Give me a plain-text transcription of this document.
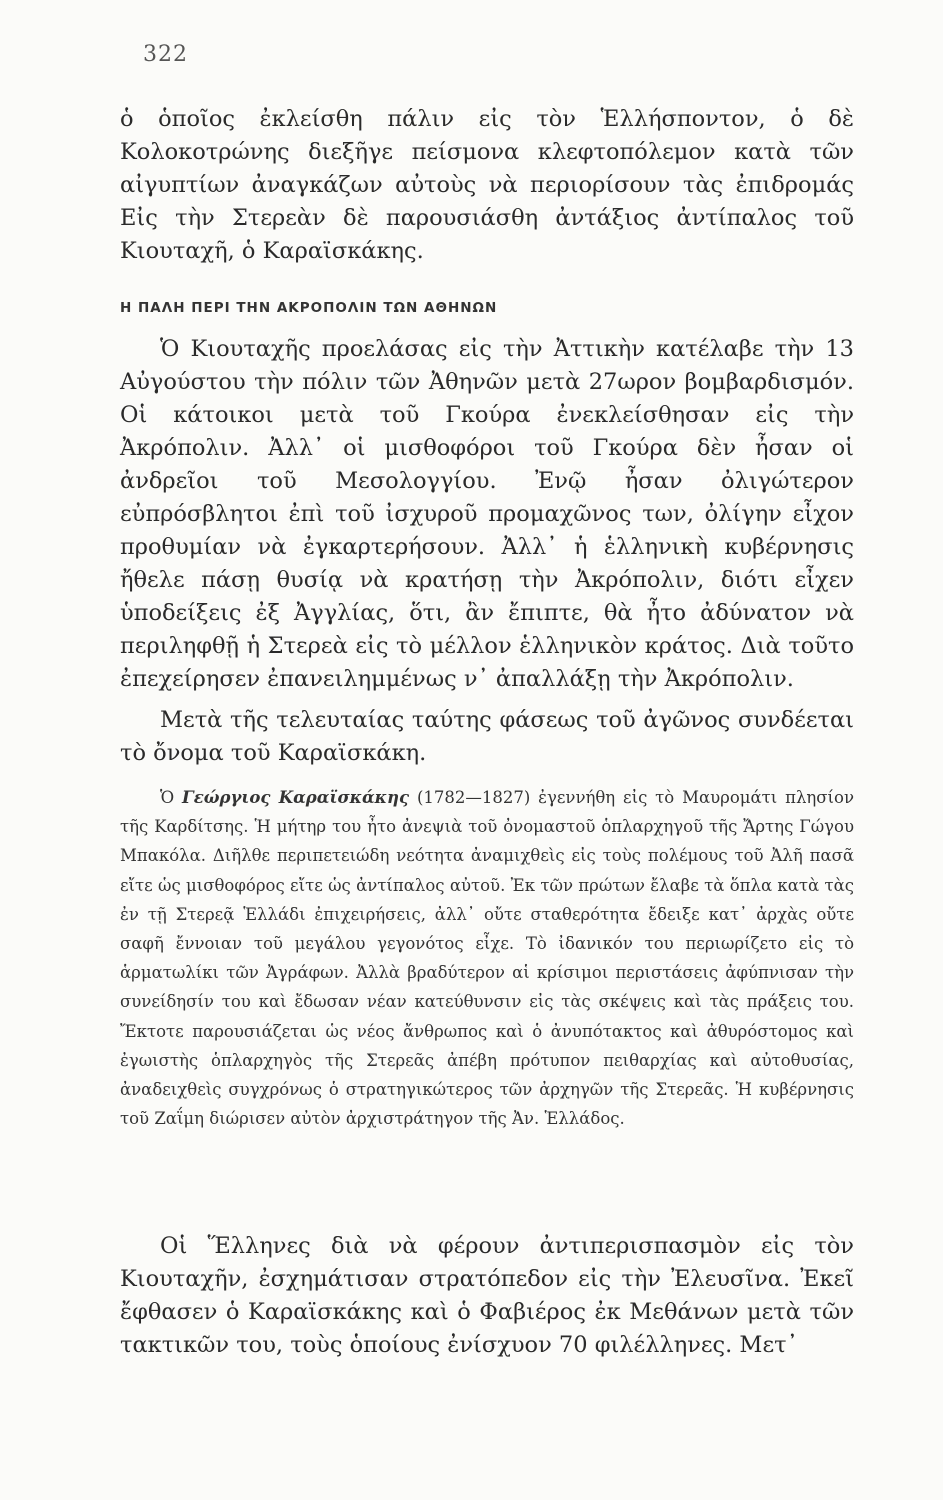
322

ὁ ὁποῖος ἐκλείσθη πάλιν εἰς τὸν Ἑλλήσποντον, ὁ δὲ Κολοκοτρώνης διεξῆγε πείσμονα κλεφτοπόλεμον κατὰ τῶν αἰγυπτίων ἀναγκάζων αὐτοὺς νὰ περιορίσουν τὰς ἐπιδρομάς Εἰς τὴν Στερεὰν δὲ παρουσιάσθη ἀντάξιος ἀντίπαλος τοῦ Κιουταχῆ, ὁ Καραϊσκάκης.

Η ΠΑΛΗ ΠΕΡΙ ΤΗΝ ΑΚΡΟΠΟΛΙΝ ΤΩΝ ΑΘΗΝΩΝ

Ὁ Κιουταχῆς προελάσας εἰς τὴν Ἀττικὴν κατέλαβε τὴν 13 Αὐγούστου τὴν πόλιν τῶν Ἀθηνῶν μετὰ 27ωρον βομβαρδισμόν. Οἱ κάτοικοι μετὰ τοῦ Γκούρα ἐνεκλείσθησαν εἰς τὴν Ἀκρόπολιν. Ἀλλ᾽ οἱ μισθοφόροι τοῦ Γκούρα δὲν ἦσαν οἱ ἀνδρεῖοι τοῦ Μεσολογγίου. Ἐνῷ ἦσαν ὀλιγώτερον εὐπρόσβλητοι ἐπὶ τοῦ ἰσχυροῦ προμαχῶνος των, ὀλίγην εἶχον προθυμίαν νὰ ἐγκαρτερήσουν. Ἀλλ᾽ ἡ ἑλληνικὴ κυβέρνησις ἤθελε πάσῃ θυσίᾳ νὰ κρατήσῃ τὴν Ἀκρόπολιν, διότι εἶχεν ὑποδείξεις ἐξ Ἀγγλίας, ὅτι, ἂν ἔπιπτε, θὰ ἦτο ἀδύνατον νὰ περιληφθῇ ἡ Στερεὰ εἰς τὸ μέλλον ἑλληνικὸν κράτος. Διὰ τοῦτο ἐπεχείρησεν ἐπανειλημμένως ν᾽ ἀπαλλάξῃ τὴν Ἀκρόπολιν.

Μετὰ τῆς τελευταίας ταύτης φάσεως τοῦ ἀγῶνος συνδέεται τὸ ὄνομα τοῦ Καραϊσκάκη.

Ὁ Γεώργιος Καραϊσκάκης (1782—1827) ἐγεννήθη εἰς τὸ Μαυρομάτι πλησίον τῆς Καρδίτσης. Ἡ μήτηρ του ἦτο ἀνεψιὰ τοῦ ὀνομαστοῦ ὁπλαρχηγοῦ τῆς Ἄρτης Γώγου Μπακόλα. Διῆλθε περιπετειώδη νεότητα ἀναμιχθεὶς εἰς τοὺς πολέμους τοῦ Ἀλῆ πασᾶ εἴτε ὡς μισθοφόρος εἴτε ὡς ἀντίπαλος αὐτοῦ. Ἐκ τῶν πρώτων ἔλαβε τὰ ὅπλα κατὰ τὰς ἐν τῇ Στερεᾷ Ἑλλάδι ἐπιχειρήσεις, ἀλλ᾽ οὔτε σταθερότητα ἔδειξε κατ᾽ ἀρχὰς οὔτε σαφῆ ἔννοιαν τοῦ μεγάλου γεγονότος εἶχε. Τὸ ἰδανικόν του περιωρίζετο εἰς τὸ ἁρματωλίκι τῶν Ἀγράφων. Ἀλλὰ βραδύτερον αἱ κρίσιμοι περιστάσεις ἀφύπνισαν τὴν συνείδησίν του καὶ ἔδωσαν νέαν κατεύθυνσιν εἰς τὰς σκέψεις καὶ τὰς πράξεις του. Ἔκτοτε παρουσιάζεται ὡς νέος ἄνθρωπος καὶ ὁ ἀνυπότακτος καὶ ἀθυρόστομος καὶ ἐγωιστὴς ὁπλαρχηγὸς τῆς Στερεᾶς ἀπέβη πρότυπον πειθαρχίας καὶ αὐτοθυσίας, ἀναδειχθεὶς συγχρόνως ὁ στρατηγικώτερος τῶν ἀρχηγῶν τῆς Στερεᾶς. Ἡ κυβέρνησις τοῦ Ζαΐμη διώρισεν αὐτὸν ἀρχιστράτηγον τῆς Ἀν. Ἑλλάδος.

Οἱ Ἕλληνες διὰ νὰ φέρουν ἀντιπερισπασμὸν εἰς τὸν Κιουταχῆν, ἐσχημάτισαν στρατόπεδον εἰς τὴν Ἐλευσῖνα. Ἐκεῖ ἔφθασεν ὁ Καραϊσκάκης καὶ ὁ Φαβιέρος ἐκ Μεθάνων μετὰ τῶν τακτικῶν του, τοὺς ὁποίους ἐνίσχυον 70 φιλέλληνες. Μετ᾽
